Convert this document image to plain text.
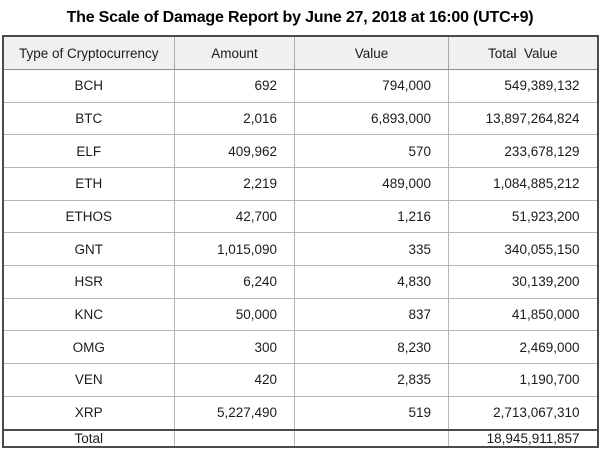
The Scale of Damage Report by June 27, 2018 at 16:00 (UTC+9)
Type of Cryptocurrency	Amount	Value	Total  Value
BCH	692	794,000	549,389,132
BTC	2,016	6,893,000	13,897,264,824
ELF	409,962	570	233,678,129
ETH	2,219	489,000	1,084,885,212
ETHOS	42,700	1,216	51,923,200
GNT	1,015,090	335	340,055,150
HSR	6,240	4,830	30,139,200
KNC	50,000	837	41,850,000
OMG	300	8,230	2,469,000
VEN	420	2,835	1,190,700
XRP	5,227,490	519	2,713,067,310
Total			18,945,911,857
